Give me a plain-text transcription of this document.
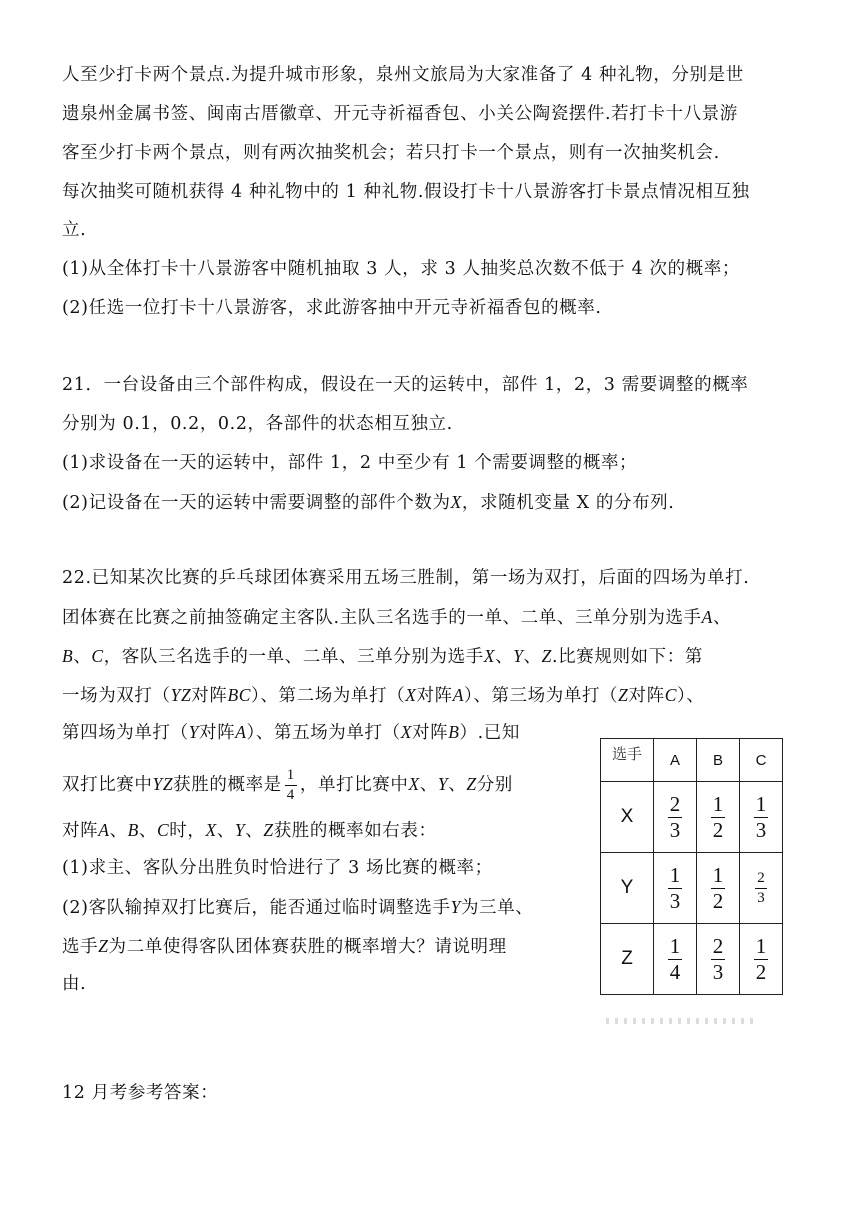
人至少打卡两个景点.为提升城市形象，泉州文旅局为大家准备了 4 种礼物，分别是世
遗泉州金属书签、闽南古厝徽章、开元寺祈福香包、小关公陶瓷摆件.若打卡十八景游
客至少打卡两个景点，则有两次抽奖机会；若只打卡一个景点，则有一次抽奖机会.
每次抽奖可随机获得 4 种礼物中的 1 种礼物.假设打卡十八景游客打卡景点情况相互独
立.
(1)从全体打卡十八景游客中随机抽取 3 人，求 3 人抽奖总次数不低于 4 次的概率；
(2)任选一位打卡十八景游客，求此游客抽中开元寺祈福香包的概率.
21．一台设备由三个部件构成，假设在一天的运转中，部件 1，2，3 需要调整的概率
分别为 0.1，0.2，0.2，各部件的状态相互独立.
(1)求设备在一天的运转中，部件 1，2 中至少有 1 个需要调整的概率；
(2)记设备在一天的运转中需要调整的部件个数为X，求随机变量 X 的分布列.
22.已知某次比赛的乒乓球团体赛采用五场三胜制，第一场为双打，后面的四场为单打.
团体赛在比赛之前抽签确定主客队.主队三名选手的一单、二单、三单分别为选手A、
B、C，客队三名选手的一单、二单、三单分别为选手X、Y、Z.比赛规则如下：第
一场为双打（YZ对阵BC）、第二场为单打（X对阵A）、第三场为单打（Z对阵C）、
第四场为单打（Y对阵A）、第五场为单打（X对阵B）.已知
双打比赛中YZ获胜的概率是 $\frac{1}{4}$ ，单打比赛中X、Y、Z分别
对阵A、B、C时，X、Y、Z获胜的概率如右表：
(1)求主、客队分出胜负时恰进行了 3 场比赛的概率；
(2)客队输掉双打比赛后，能否通过临时调整选手Y为三单、
选手Z为二单使得客队团体赛获胜的概率增大？请说明理
由.
选手	A	B	C
X	$\frac{2}{3}$	$\frac{1}{2}$	$\frac{1}{3}$

Y	$\frac{1}{3}$	$\frac{1}{2}$	$\frac{2}{3}$

Z	$\frac{1}{4}$	$\frac{2}{3}$	$\frac{1}{2}$
12 月考参考答案：
